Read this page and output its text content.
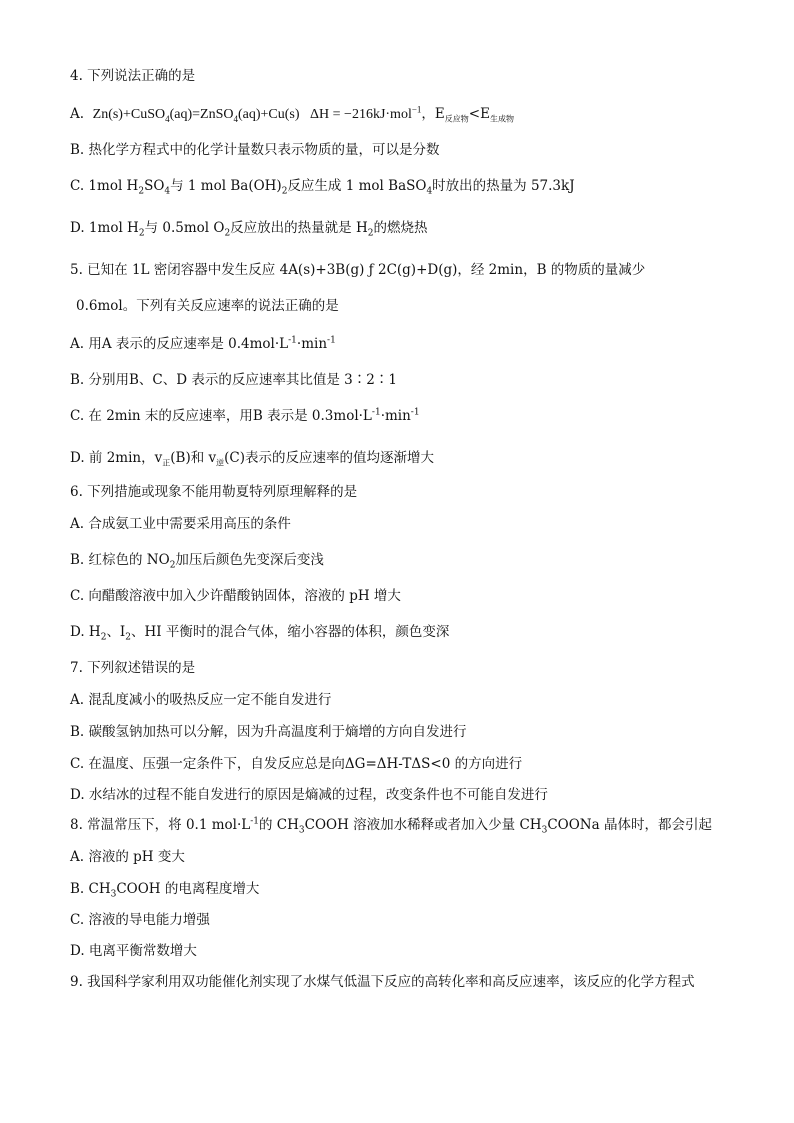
4. 下列说法正确的是
A. Zn(s)+CuSO$_4$(aq)=ZnSO$_4$(aq)+Cu(s) ΔH = −216kJ·mol$^{-1}$，$E_{反应物}<E_{生成物}$
B. 热化学方程式中的化学计量数只表示物质的量，可以是分数
C. 1mol $H_2SO_4$与 1 mol $Ba(OH)_2$反应生成 1 mol BaSO$_4$时放出的热量为 57.3kJ
D. 1mol $H_2$与 0.5mol $O_2$反应放出的热量就是 $H_2$的燃烧热
5. 已知在 1L 密闭容器中发生反应 4A(s)+3B(g) ƒ 2C(g)+D(g)，经 2min，B 的物质的量减少
0.6mol。下列有关反应速率的说法正确的是
A. 用A 表示的反应速率是 $0.4mol\cdot L^{-1}\cdot\min^{-1}$
B. 分别用B、C、D 表示的反应速率其比值是 3∶2∶1
C. 在 2min 末的反应速率，用B 表示是 $0.3mol\cdot L^{-1}\cdot\min^{-1}$
D. 前 2min，$v_正(B)$和 $v_逆(C)$表示的反应速率的值均逐渐增大
6. 下列措施或现象不能用勒夏特列原理解释的是
A. 合成氨工业中需要采用高压的条件
B. 红棕色的 $NO_2$加压后颜色先变深后变浅
C. 向醋酸溶液中加入少许醋酸钠固体，溶液的 pH 增大
D. $H_2$、$I_2$、HI 平衡时的混合气体，缩小容器的体积，颜色变深
7. 下列叙述错误的是
A. 混乱度减小的吸热反应一定不能自发进行
B. 碳酸氢钠加热可以分解，因为升高温度利于熵增的方向自发进行
C. 在温度、压强一定条件下，自发反应总是向ΔG=ΔH-TΔS<0 的方向进行
D. 水结冰的过程不能自发进行的原因是熵减的过程，改变条件也不可能自发进行
8. 常温常压下，将 0.1 $mol\cdot L^{-1}$的 $CH_3COOH$ 溶液加水稀释或者加入少量 $CH_3COONa$ 晶体时，都会引起
A. 溶液的 pH 变大
B. $CH_3COOH$ 的电离程度增大
C. 溶液的导电能力增强
D. 电离平衡常数增大
9. 我国科学家利用双功能催化剂实现了水煤气低温下反应的高转化率和高反应速率，该反应的化学方程式
